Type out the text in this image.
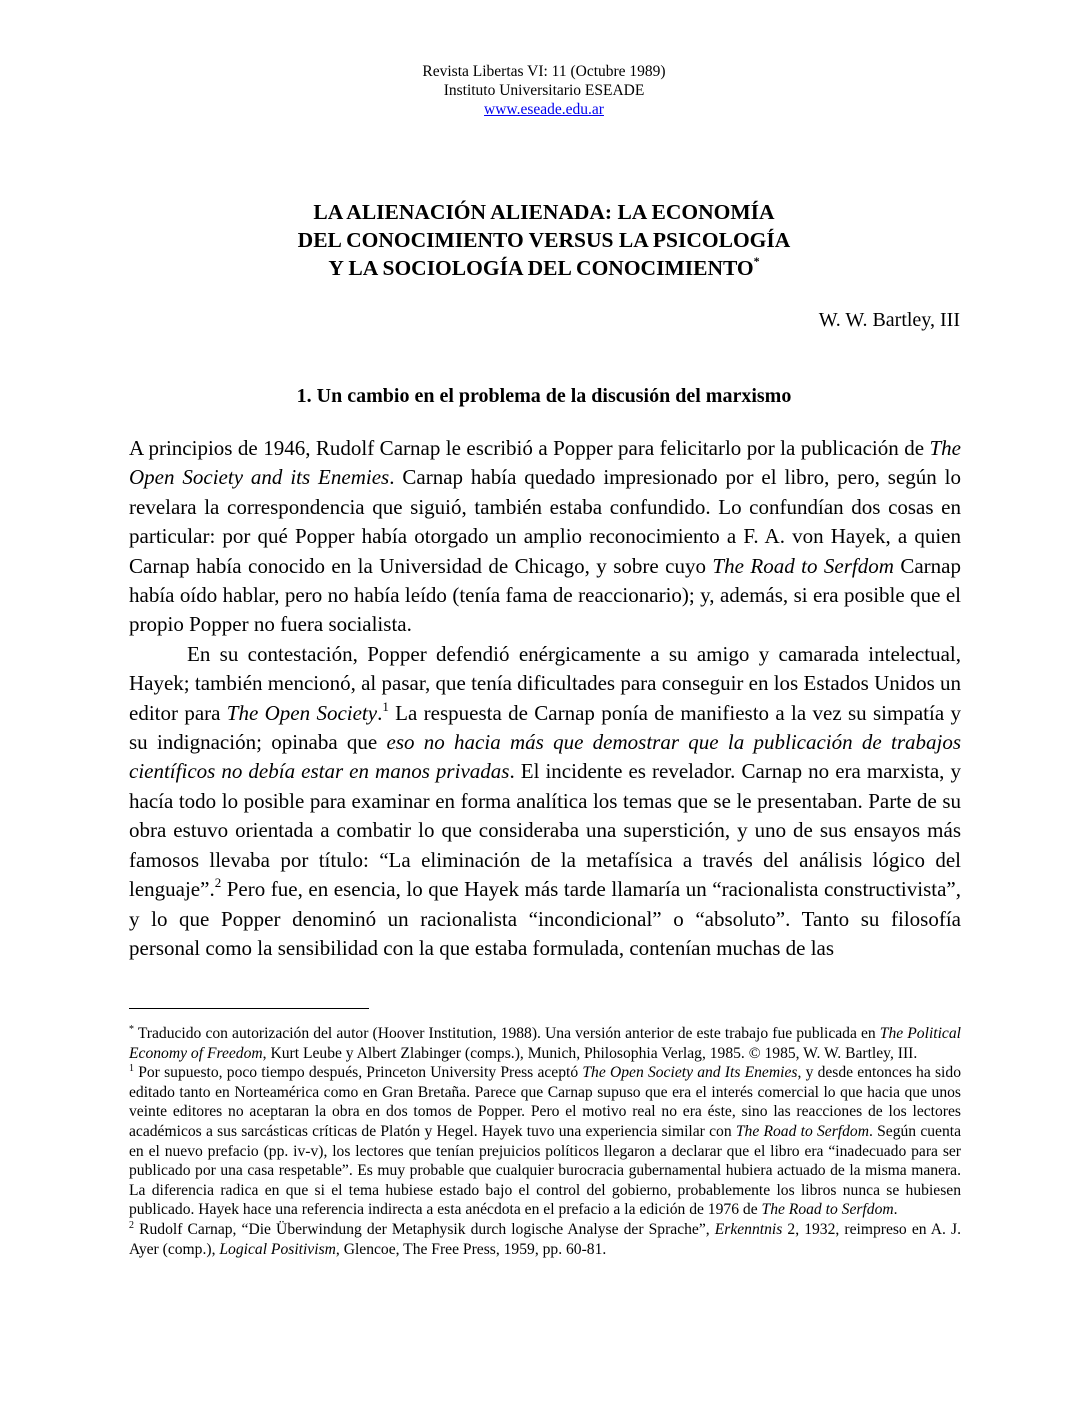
Revista Libertas VI: 11 (Octubre 1989)
Instituto Universitario ESEADE
www.eseade.edu.ar
LA ALIENACIÓN ALIENADA: LA ECONOMÍA
DEL CONOCIMIENTO VERSUS LA PSICOLOGÍA
Y LA SOCIOLOGÍA DEL CONOCIMIENTO*
W. W. Bartley, III
1. Un cambio en el problema de la discusión del marxismo

A principios de 1946, Rudolf Carnap le escribió a Popper para felicitarlo por la publicación de The Open Society and its Enemies. Carnap había quedado impresionado por el libro, pero, según lo revelara la correspondencia que siguió, también estaba confundido. Lo confundían dos cosas en particular: por qué Popper había otorgado un amplio reconocimiento a F. A. von Hayek, a quien Carnap había conocido en la Universidad de Chicago, y sobre cuyo The Road to Serfdom Carnap había oído hablar, pero no había leído (tenía fama de reaccionario); y, además, si era posible que el propio Popper no fuera socialista.

En su contestación, Popper defendió enérgicamente a su amigo y camarada intelectual, Hayek; también mencionó, al pasar, que tenía dificultades para conseguir en los Estados Unidos un editor para The Open Society.$^1$ La respuesta de Carnap ponía de manifiesto a la vez su simpatía y su indignación; opinaba que eso no hacia más que demostrar que la publicación de trabajos científicos no debía estar en manos privadas. El incidente es revelador. Carnap no era marxista, y hacía todo lo posible para examinar en forma analítica los temas que se le presentaban. Parte de su obra estuvo orientada a combatir lo que consideraba una superstición, y uno de sus ensayos más famosos llevaba por título: “La eliminación de la metafísica a través del análisis lógico del lenguaje”.$^2$ Pero fue, en esencia, lo que Hayek más tarde llamaría un “racionalista constructivista”, y lo que Popper denominó un racionalista “incondicional” o “absoluto”. Tanto su filosofía personal como la sensibilidad con la que estaba formulada, contenían muchas de las

* Traducido con autorización del autor (Hoover Institution, 1988). Una versión anterior de este trabajo fue publicada en The Political Economy of Freedom, Kurt Leube y Albert Zlabinger (comps.), Munich, Philosophia Verlag, 1985. © 1985, W. W. Bartley, III.

$^1$ Por supuesto, poco tiempo después, Princeton University Press aceptó The Open Society and Its Enemies, y desde entonces ha sido editado tanto en Norteamérica como en Gran Bretaña. Parece que Carnap supuso que era el interés comercial lo que hacia que unos veinte editores no aceptaran la obra en dos tomos de Popper. Pero el motivo real no era éste, sino las reacciones de los lectores académicos a sus sarcásticas críticas de Platón y Hegel. Hayek tuvo una experiencia similar con The Road to Serfdom. Según cuenta en el nuevo prefacio (pp. iv-v), los lectores que tenían prejuicios políticos llegaron a declarar que el libro era “inadecuado para ser publicado por una casa respetable”. Es muy probable que cualquier burocracia gubernamental hubiera actuado de la misma manera. La diferencia radica en que si el tema hubiese estado bajo el control del gobierno, probablemente los libros nunca se hubiesen publicado. Hayek hace una referencia indirecta a esta anécdota en el prefacio a la edición de 1976 de The Road to Serfdom.

$^2$ Rudolf Carnap, “Die Überwindung der Metaphysik durch logische Analyse der Sprache”, Erkenntnis 2, 1932, reimpreso en A. J. Ayer (comp.), Logical Positivism, Glencoe, The Free Press, 1959, pp. 60-81.
